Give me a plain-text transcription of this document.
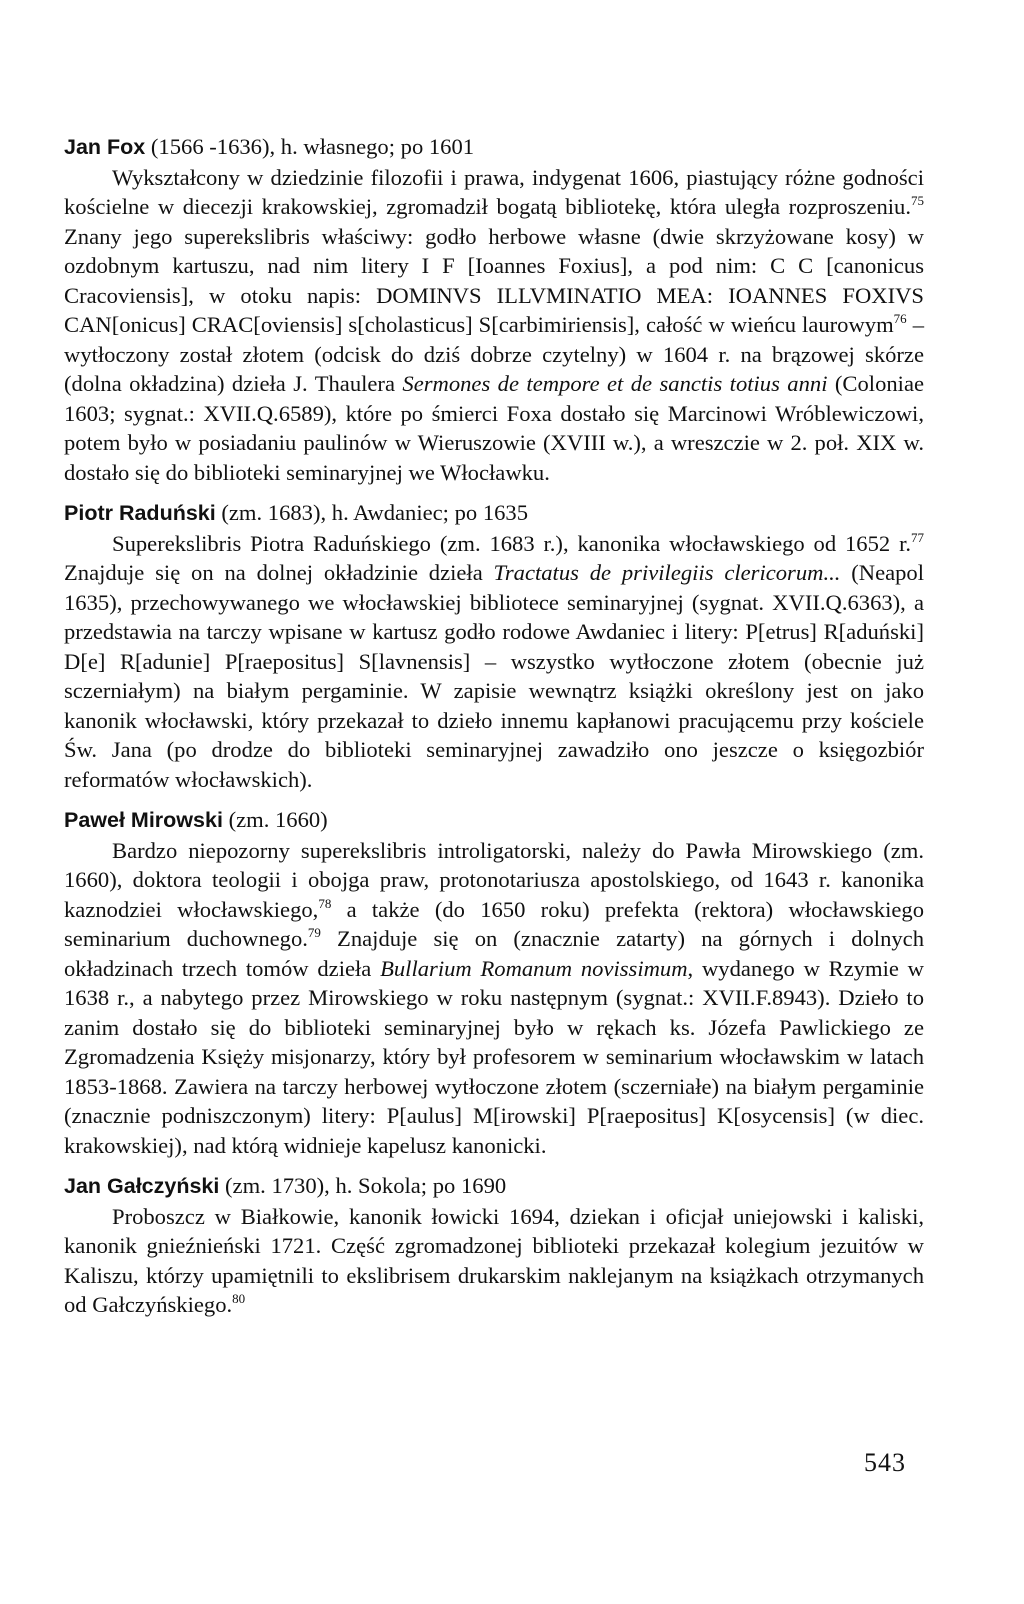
Jan Fox (1566 -1636), h. własnego; po 1601

Wykształcony w dziedzinie filozofii i prawa, indygenat 1606, piastujący różne godności kościelne w diecezji krakowskiej, zgromadził bogatą bibliotekę, która uległa rozproszeniu.$^{75}$ Znany jego superekslibris właściwy: godło herbowe własne (dwie skrzyżowane kosy) w ozdobnym kartuszu, nad nim litery I F [Ioannes Foxius], a pod nim: C C [canonicus Cracoviensis], w otoku napis: DOMINVS ILLVMINATIO MEA: IOANNES FOXIVS CAN[onicus] CRAC[oviensis] s[cholasticus] S[carbimiriensis], całość w wieńcu laurowym$^{76}$ – wytłoczony został złotem (odcisk do dziś dobrze czytelny) w 1604 r. na brązowej skórze (dolna okładzina) dzieła J. Thaulera Sermones de tempore et de sanctis totius anni (Coloniae 1603; sygnat.: XVII.Q.6589), które po śmierci Foxa dostało się Marcinowi Wróblewiczowi, potem było w posiadaniu paulinów w Wieruszowie (XVIII w.), a wreszczie w 2. poł. XIX w. dostało się do biblioteki seminaryjnej we Włocławku.

Piotr Raduński (zm. 1683), h. Awdaniec; po 1635

Superekslibris Piotra Raduńskiego (zm. 1683 r.), kanonika włocławskiego od 1652 r.$^{77}$ Znajduje się on na dolnej okładzinie dzieła Tractatus de privilegiis clericorum... (Neapol 1635), przechowywanego we włocławskiej bibliotece seminaryjnej (sygnat. XVII.Q.6363), a przedstawia na tarczy wpisane w kartusz godło rodowe Awdaniec i litery: P[etrus] R[aduński] D[e] R[adunie] P[raepositus] S[lavnensis] – wszystko wytłoczone złotem (obecnie już sczerniałym) na białym pergaminie. W zapisie wewnątrz książki określony jest on jako kanonik włocławski, który przekazał to dzieło innemu kapłanowi pracującemu przy kościele Św. Jana (po drodze do biblioteki seminaryjnej zawadziło ono jeszcze o księgozbiór reformatów włocławskich).

Paweł Mirowski (zm. 1660)

Bardzo niepozorny superekslibris introligatorski, należy do Pawła Mirowskiego (zm. 1660), doktora teologii i obojga praw, protonotariusza apostolskiego, od 1643 r. kanonika kaznodziei włocławskiego,$^{78}$ a także (do 1650 roku) prefekta (rektora) włocławskiego seminarium duchownego.$^{79}$ Znajduje się on (znacznie zatarty) na górnych i dolnych okładzinach trzech tomów dzieła Bullarium Romanum novissimum, wydanego w Rzymie w 1638 r., a nabytego przez Mirowskiego w roku następnym (sygnat.: XVII.F.8943). Dzieło to zanim dostało się do biblioteki seminaryjnej było w rękach ks. Józefa Pawlickiego ze Zgromadzenia Księży misjonarzy, który był profesorem w seminarium włocławskim w latach 1853-1868. Zawiera na tarczy herbowej wytłoczone złotem (sczerniałe) na białym pergaminie (znacznie podniszczonym) litery: P[aulus] M[irowski] P[raepositus] K[osycensis] (w diec. krakowskiej), nad którą widnieje kapelusz kanonicki.

Jan Gałczyński (zm. 1730), h. Sokola; po 1690

Proboszcz w Białkowie, kanonik łowicki 1694, dziekan i oficjał uniejowski i kaliski, kanonik gnieźnieński 1721. Część zgromadzonej biblioteki przekazał kolegium jezuitów w Kaliszu, którzy upamiętnili to ekslibrisem drukarskim naklejanym na książkach otrzymanych od Gałczyńskiego.$^{80}$

543
